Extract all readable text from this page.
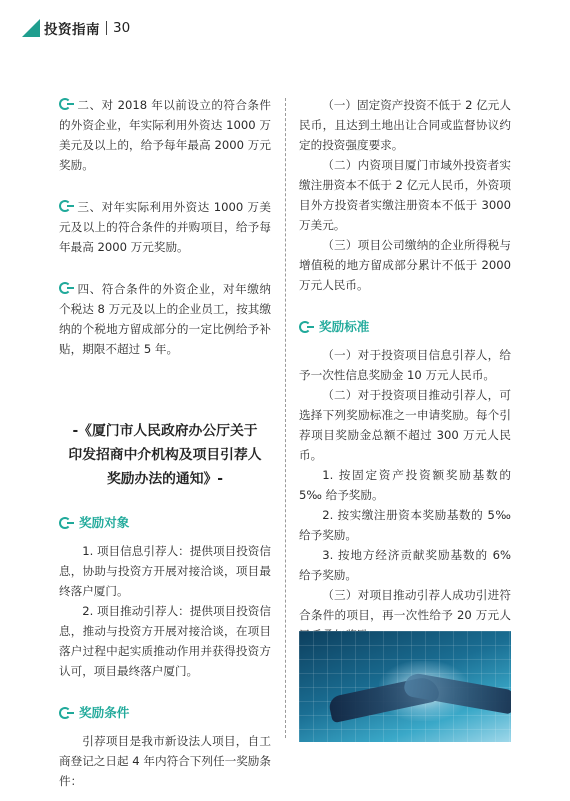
投资指南 30

二、对 2018 年以前设立的符合条件的外资企业，年实际利用外资达 1000 万美元及以上的，给予每年最高 2000 万元奖励。

三、对年实际利用外资达 1000 万美元及以上的符合条件的并购项目，给予每年最高 2000 万元奖励。

四、符合条件的外资企业，对年缴纳个税达 8 万元及以上的企业员工，按其缴纳的个税地方留成部分的一定比例给予补贴，期限不超过 5 年。

-《厦门市人民政府办公厅关于
印发招商中介机构及项目引荐人
奖励办法的通知》-
奖励对象

1. 项目信息引荐人：提供项目投资信息，协助与投资方开展对接洽谈，项目最终落户厦门。

2. 项目推动引荐人：提供项目投资信息，推动与投资方开展对接洽谈，在项目落户过程中起实质推动作用并获得投资方认可，项目最终落户厦门。

奖励条件

引荐项目是我市新设法人项目，自工商登记之日起 4 年内符合下列任一奖励条件：

（一）固定资产投资不低于 2 亿元人民币，且达到土地出让合同或监督协议约定的投资强度要求。

（二）内资项目厦门市域外投资者实缴注册资本不低于 2 亿元人民币，外资项目外方投资者实缴注册资本不低于 3000 万美元。

（三）项目公司缴纳的企业所得税与增值税的地方留成部分累计不低于 2000 万元人民币。

奖励标准

（一）对于投资项目信息引荐人，给予一次性信息奖励金 10 万元人民币。

（二）对于投资项目推动引荐人，可选择下列奖励标准之一申请奖励。每个引荐项目奖励金总额不超过 300 万元人民币。

1. 按固定资产投资额奖励基数的 5‰ 给予奖励。

2. 按实缴注册资本奖励基数的 5‰给予奖励。

3. 按地方经济贡献奖励基数的 6% 给予奖励。

（三）对项目推动引荐人成功引进符合条件的项目，再一次性给予 20 万元人
